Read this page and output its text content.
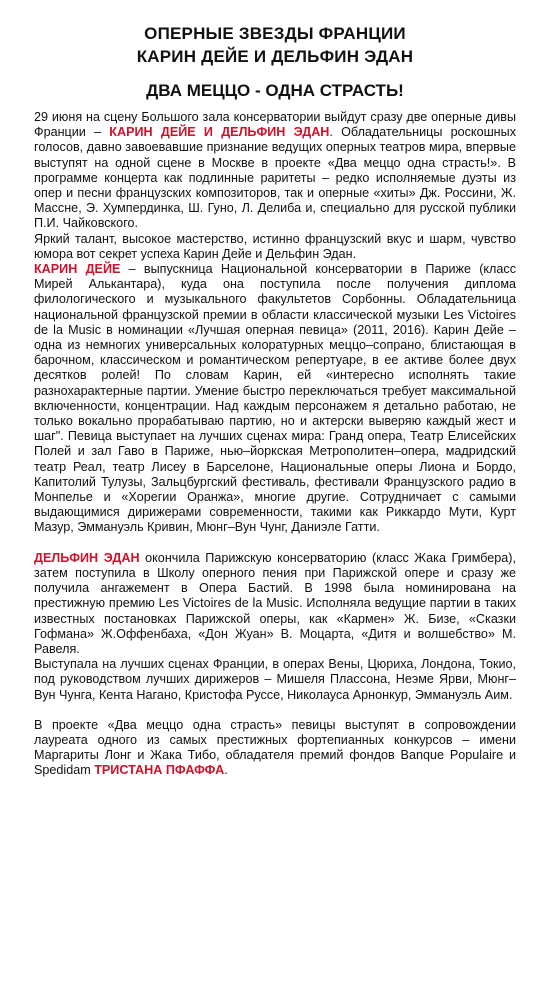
ОПЕРНЫЕ ЗВЕЗДЫ ФРАНЦИИ
КАРИН ДЕЙЕ И ДЕЛЬФИН ЭДАН
ДВА МЕЦЦО - ОДНА СТРАСТЬ!

29 июня на сцену Большого зала консерватории выйдут сразу две оперные дивы Франции – КАРИН ДЕЙЕ И ДЕЛЬФИН ЭДАН. Обладательницы роскошных голосов, давно завоевавшие признание ведущих оперных театров мира, впервые выступят на одной сцене в Москве в проекте «Два меццо одна страсть!». В программе концерта как подлинные раритеты – редко исполняемые дуэты из опер и песни французских композиторов, так и оперные «хиты» Дж. Россини, Ж. Массне, Э. Хумпердинка, Ш. Гуно, Л. Делиба и, специально для русской публики П.И. Чайковского.

Яркий талант, высокое мастерство, истинно французский вкус и шарм, чувство юмора вот секрет успеха Карин Дейе и Дельфин Эдан.

КАРИН ДЕЙЕ – выпускница Национальной консерватории в Париже (класс Мирей Алькантара), куда она поступила после получения диплома филологического и музыкального факультетов Сорбонны. Обладательница национальной французской премии в области классической музыки Les Victoires de la Music в номинации «Лучшая оперная певица» (2011, 2016). Карин Дейе – одна из немногих универсальных колоратурных меццо–сопрано, блистающая в барочном, классическом и романтическом репертуаре, в ее активе более двух десятков ролей! По словам Карин, ей «интересно исполнять такие разнохарактерные партии. Умение быстро переключаться требует максимальной включенности, концентрации. Над каждым персонажем я детально работаю, не только вокально прорабатываю партию, но и актерски выверяю каждый жест и шаг". Певица выступает на лучших сценах мира: Гранд опера, Театр Елисейских Полей и зал Гаво в Париже, нью–йоркская Метрополитен–опера, мадридский театр Реал, театр Лисеу в Барселоне, Национальные оперы Лиона и Бордо, Капитолий Тулузы, Зальцбургский фестиваль, фестивали Французского радио в Монпелье и «Хорегии Оранжа», многие другие. Сотрудничает с самыми выдающимися дирижерами современности, такими как Риккардо Мути, Курт Мазур, Эммануэль Кривин, Мюнг–Вун Чунг, Даниэле Гатти.

ДЕЛЬФИН ЭДАН окончила Парижскую консерваторию (класс Жака Гримбера), затем поступила в Школу оперного пения при Парижской опере и сразу же получила ангажемент в Опера Бастий. В 1998 была номинирована на престижную премию Les Victoires de la Music. Исполняла ведущие партии в таких известных постановках Парижской оперы, как «Кармен» Ж. Бизе, «Сказки Гофмана» Ж.Оффенбаха, «Дон Жуан» В. Моцарта, «Дитя и волшебство» М. Равеля.

Выступала на лучших сценах Франции, в операх Вены, Цюриха, Лондона, Токио, под руководством лучших дирижеров – Мишеля Плассона, Неэме Ярви, Мюнг–Вун Чунга, Кента Нагано, Кристофа Руссе, Николауса Арнонкур, Эммануэль Аим.

В проекте «Два меццо одна страсть» певицы выступят в сопровождении лауреата одного из самых престижных фортепианных конкурсов – имени Маргариты Лонг и Жака Тибо, обладателя премий фондов Banque Populaire и Spedidam ТРИСТАНА ПФАФФА.
